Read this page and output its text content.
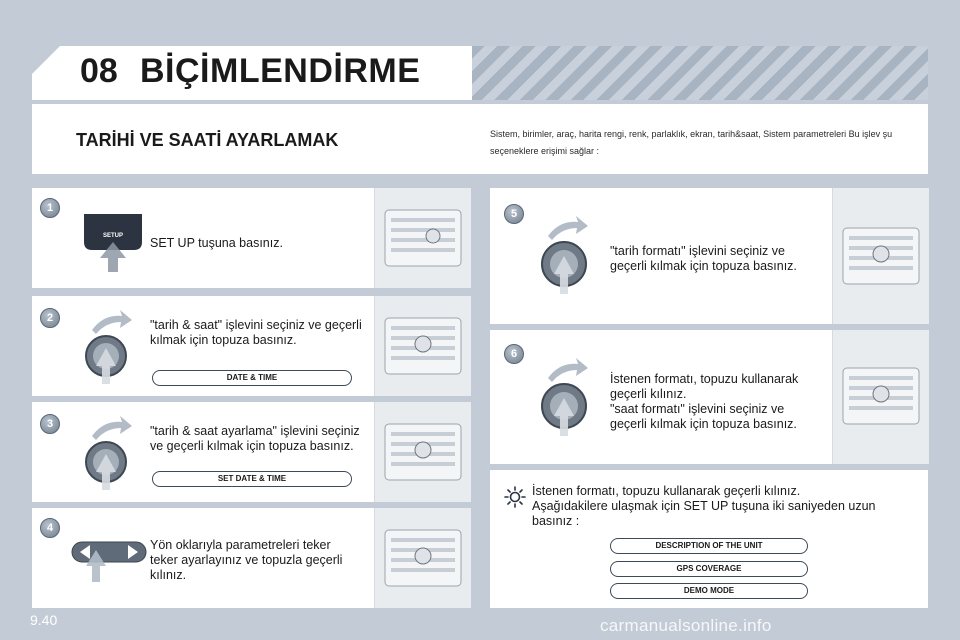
08 BİÇİMLENDİRME
TARİHİ VE SAATİ AYARLAMAK	Sistem, birimler, araç, harita rengi, renk, parlaklık, ekran, tarih&saat, Sistem parametreleri Bu işlev şu seçeneklere erişimi sağlar :
1
SETUP SET UP tuşuna basınız.
2	"tarih & saat" işlevini seçiniz ve geçerli kılmak için topuza basınız.
DATE & TIME
3	"tarih & saat ayarlama" işlevini seçiniz ve geçerli kılmak için topuza basınız.
SET DATE & TIME
4
Yön oklarıyla parametreleri teker teker ayarlayınız ve topuzla geçerli kılınız.
5
"tarih formatı" işlevini seçiniz ve geçerli kılmak için topuza basınız.
6
İstenen formatı, topuzu kullanarak geçerli kılınız.
"saat formatı" işlevini seçiniz ve geçerli kılmak için topuza basınız.
İstenen formatı, topuzu kullanarak geçerli kılınız.
Aşağıdakilere ulaşmak için SET UP tuşuna iki saniyeden uzun basınız :
DESCRIPTION OF THE UNIT
GPS COVERAGE
DEMO MODE
9.40	carmanualsonline.info
